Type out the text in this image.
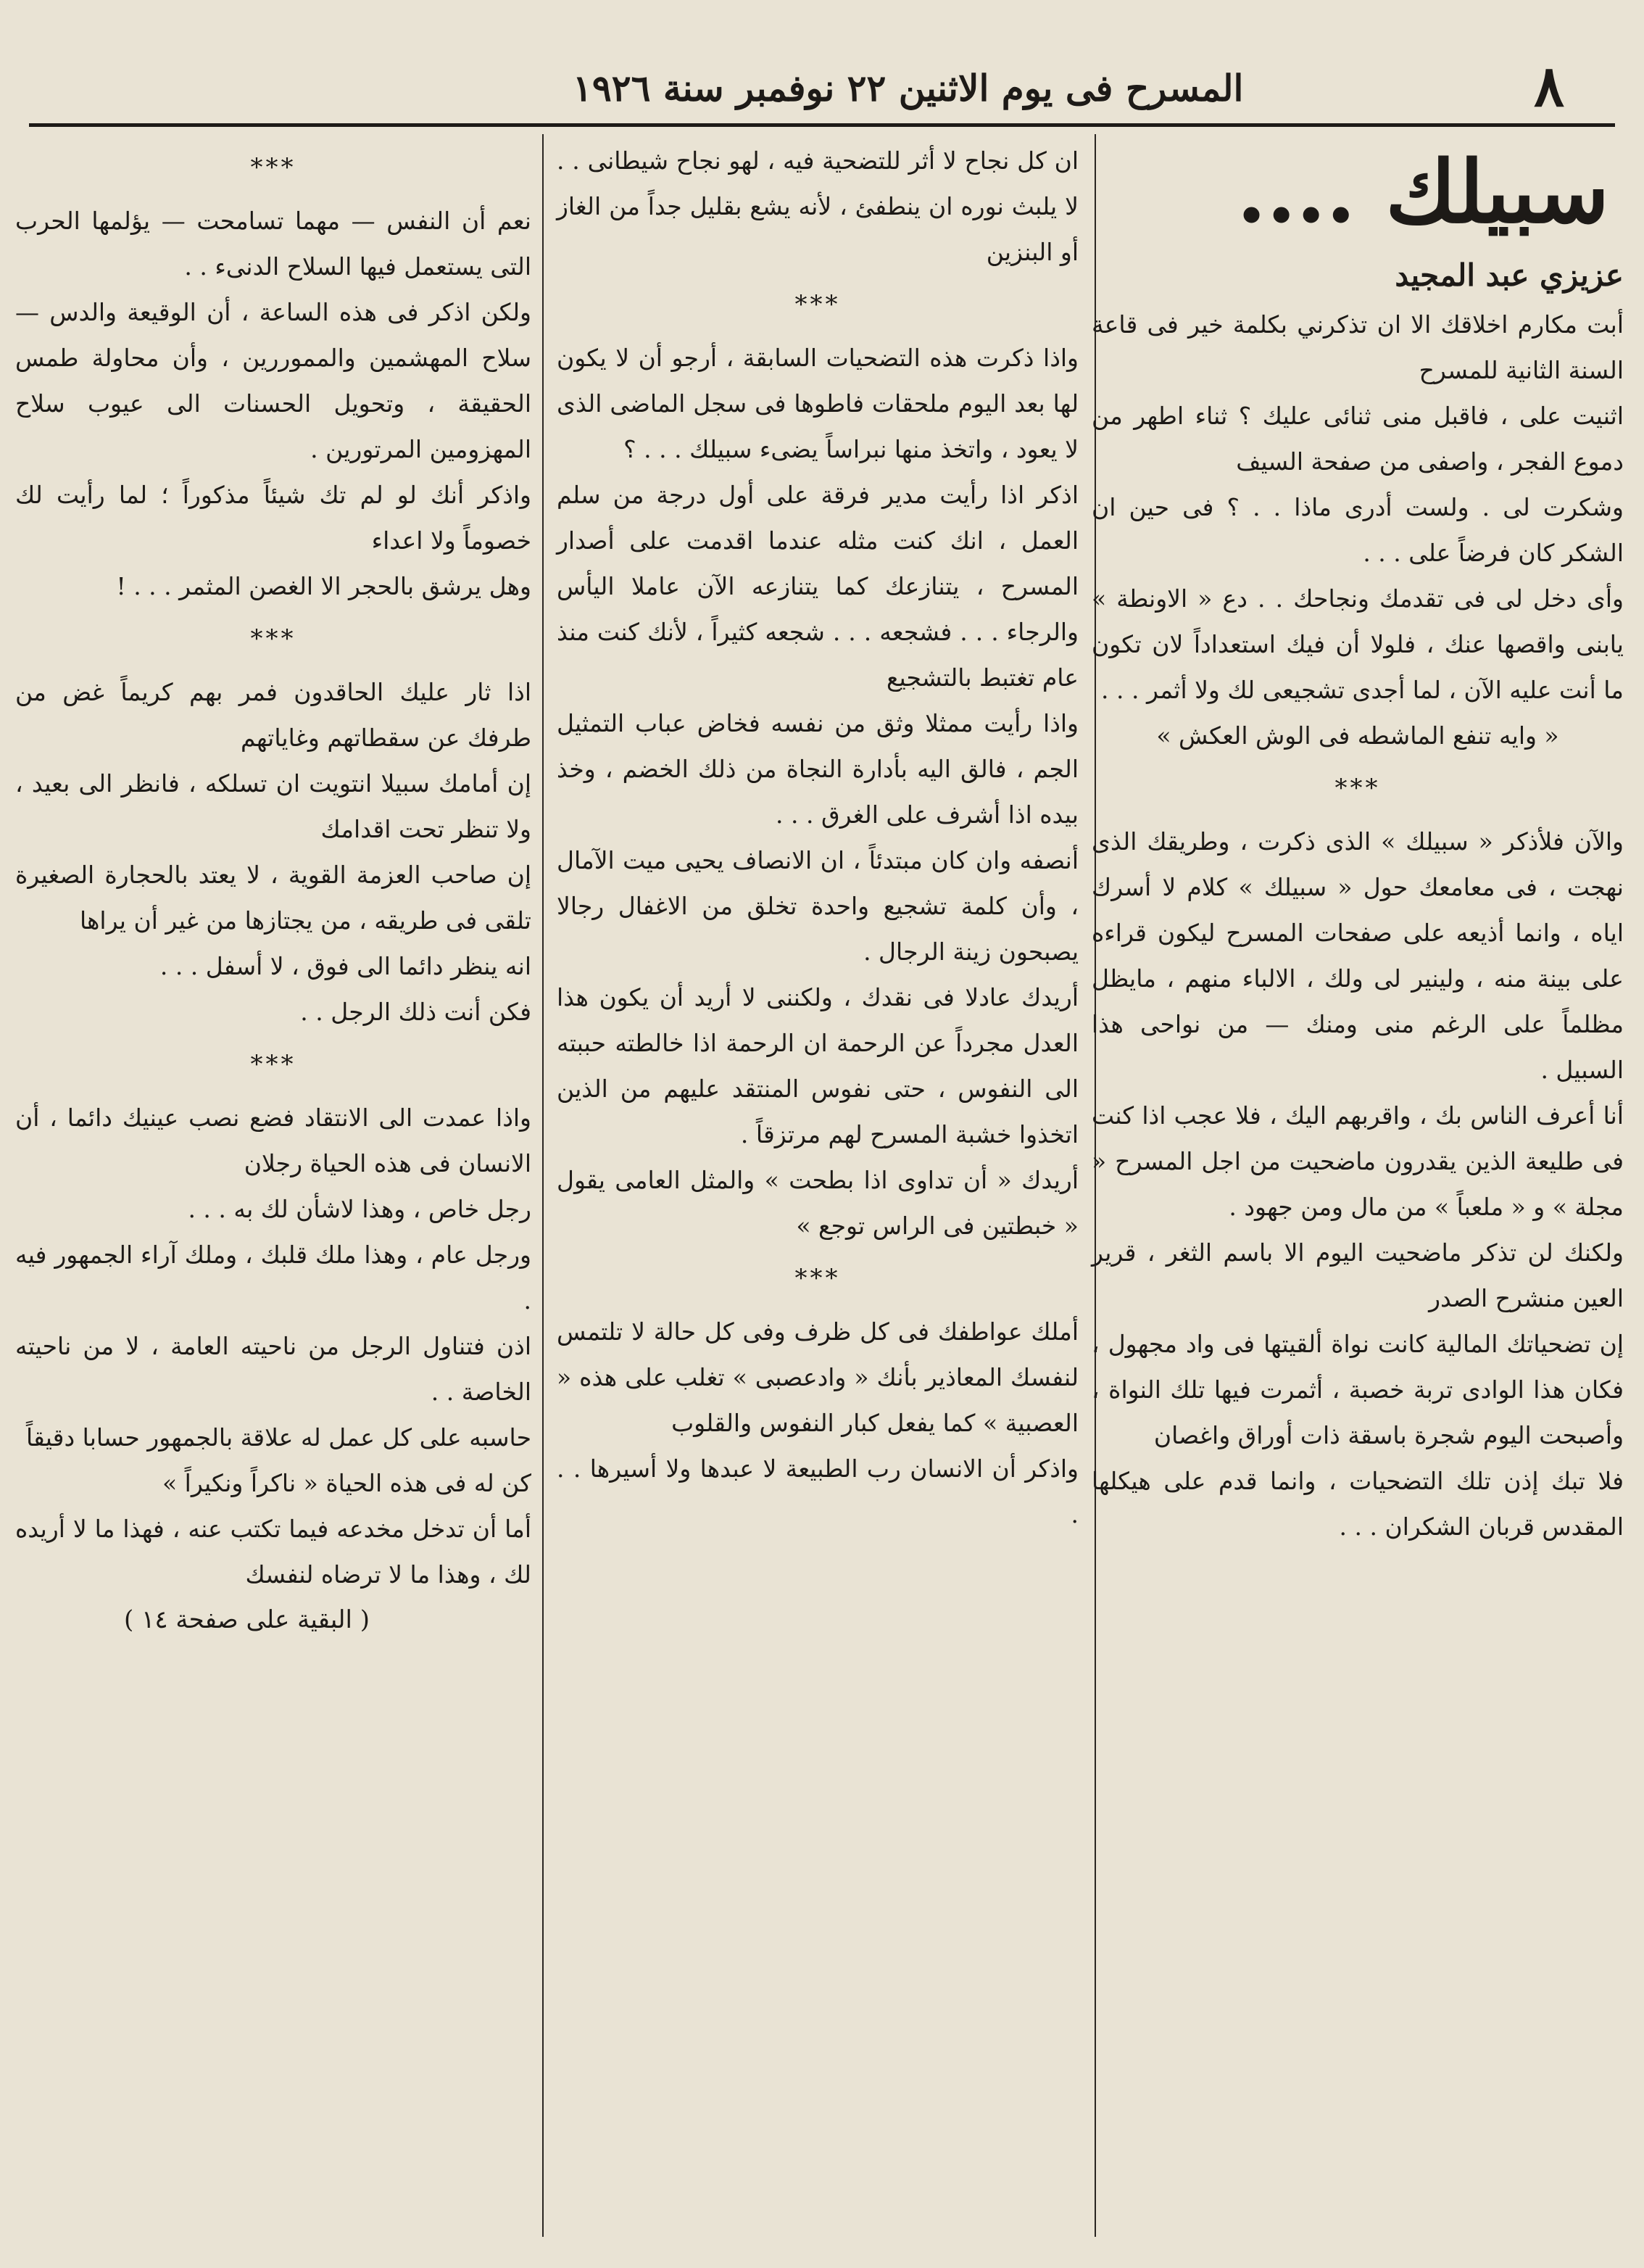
٨
المسرح فى يوم الاثنين ٢٢ نوفمبر سنة ١٩٢٦
سبيلك ....
عزيزي عبد المجيد

أبت مكارم اخلاقك الا ان تذكرني بكلمة خير فى قاعة السنة الثانية للمسرح

اثنيت على ، فاقبل منى ثنائى عليك ؟ ثناء اطهر من دموع الفجر ، واصفى من صفحة السيف

وشكرت لى . ولست أدرى ماذا . . ؟ فى حين ان الشكر كان فرضاً على . . .

وأى دخل لى فى تقدمك ونجاحك . . دع « الاونطة » يابنى واقصها عنك ، فلولا أن فيك استعداداً لان تكون ما أنت عليه الآن ، لما أجدى تشجيعى لك ولا أثمر . . .

« وايه تنفع الماشطه فى الوش العكش »

***

والآن فلأذكر « سبيلك » الذى ذكرت ، وطريقك الذى نهجت ، فى معامعك حول « سبيلك » كلام لا أسرك اياه ، وانما أذيعه على صفحات المسرح ليكون قراءه على بينة منه ، ولينير لى ولك ، الالباء منهم ، مايظل مظلماً على الرغم منى ومنك — من نواحى هذا السبيل .

أنا أعرف الناس بك ، واقربهم اليك ، فلا عجب اذا كنت فى طليعة الذين يقدرون ماضحيت من اجل المسرح « مجلة » و « ملعباً » من مال ومن جهود .

ولكنك لن تذكر ماضحيت اليوم الا باسم الثغر ، قرير العين منشرح الصدر

إن تضحياتك المالية كانت نواة ألقيتها فى واد مجهول ، فكان هذا الوادى تربة خصبة ، أثمرت فيها تلك النواة ، وأصبحت اليوم شجرة باسقة ذات أوراق واغصان

فلا تبك إذن تلك التضحيات ، وانما قدم على هيكلها المقدس قربان الشكران . . .

ان كل نجاح لا أثر للتضحية فيه ، لهو نجاح شيطانى . . لا يلبث نوره ان ينطفئ ، لأنه يشع بقليل جداً من الغاز أو البنزين

***

واذا ذكرت هذه التضحيات السابقة ، أرجو أن لا يكون لها بعد اليوم ملحقات فاطوها فى سجل الماضى الذى لا يعود ، واتخذ منها نبراساً يضىء سبيلك . . . ؟

اذكر اذا رأيت مدير فرقة على أول درجة من سلم العمل ، انك كنت مثله عندما اقدمت على أصدار المسرح ، يتنازعك كما يتنازعه الآن عاملا اليأس والرجاء . . . فشجعه . . . شجعه كثيراً ، لأنك كنت منذ عام تغتبط بالتشجيع

واذا رأيت ممثلا وثق من نفسه فخاض عباب التمثيل الجم ، فالق اليه بأدارة النجاة من ذلك الخضم ، وخذ بيده اذا أشرف على الغرق . . .

أنصفه وان كان مبتدئاً ، ان الانصاف يحيى ميت الآمال ، وأن كلمة تشجيع واحدة تخلق من الاغفال رجالا يصبحون زينة الرجال .

أريدك عادلا فى نقدك ، ولكننى لا أريد أن يكون هذا العدل مجرداً عن الرحمة ان الرحمة اذا خالطته حببته الى النفوس ، حتى نفوس المنتقد عليهم من الذين اتخذوا خشبة المسرح لهم مرتزقاً .

أريدك « أن تداوى اذا بطحت » والمثل العامى يقول « خبطتين فى الراس توجع »

***

أملك عواطفك فى كل ظرف وفى كل حالة لا تلتمس لنفسك المعاذير بأنك « وادعصبى » تغلب على هذه « العصبية » كما يفعل كبار النفوس والقلوب

واذكر أن الانسان رب الطبيعة لا عبدها ولا أسيرها . . .

***

نعم أن النفس — مهما تسامحت — يؤلمها الحرب التى يستعمل فيها السلاح الدنىء . .

ولكن اذكر فى هذه الساعة ، أن الوقيعة والدس — سلاح المهشمين والمموررين ، وأن محاولة طمس الحقيقة ، وتحويل الحسنات الى عيوب سلاح المهزومين المرتورين .

واذكر أنك لو لم تك شيئاً مذكوراً ؛ لما رأيت لك خصوماً ولا اعداء

وهل يرشق بالحجر الا الغصن المثمر . . . !

***

اذا ثار عليك الحاقدون فمر بهم كريماً غض من طرفك عن سقطاتهم وغاياتهم

إن أمامك سبيلا انتويت ان تسلكه ، فانظر الى بعيد ، ولا تنظر تحت اقدامك

إن صاحب العزمة القوية ، لا يعتد بالحجارة الصغيرة تلقى فى طريقه ، من يجتازها من غير أن يراها

انه ينظر دائما الى فوق ، لا أسفل . . .

فكن أنت ذلك الرجل . .

***

واذا عمدت الى الانتقاد فضع نصب عينيك دائما ، أن الانسان فى هذه الحياة رجلان

رجل خاص ، وهذا لاشأن لك به . . .

ورجل عام ، وهذا ملك قلبك ، وملك آراء الجمهور فيه .

اذن فتناول الرجل من ناحيته العامة ، لا من ناحيته الخاصة . .

حاسبه على كل عمل له علاقة بالجمهور حسابا دقيقاً

كن له فى هذه الحياة « ناكراً ونكيراً »

أما أن تدخل مخدعه فيما تكتب عنه ، فهذا ما لا أريده لك ، وهذا ما لا ترضاه لنفسك

( البقية على صفحة ١٤ )
